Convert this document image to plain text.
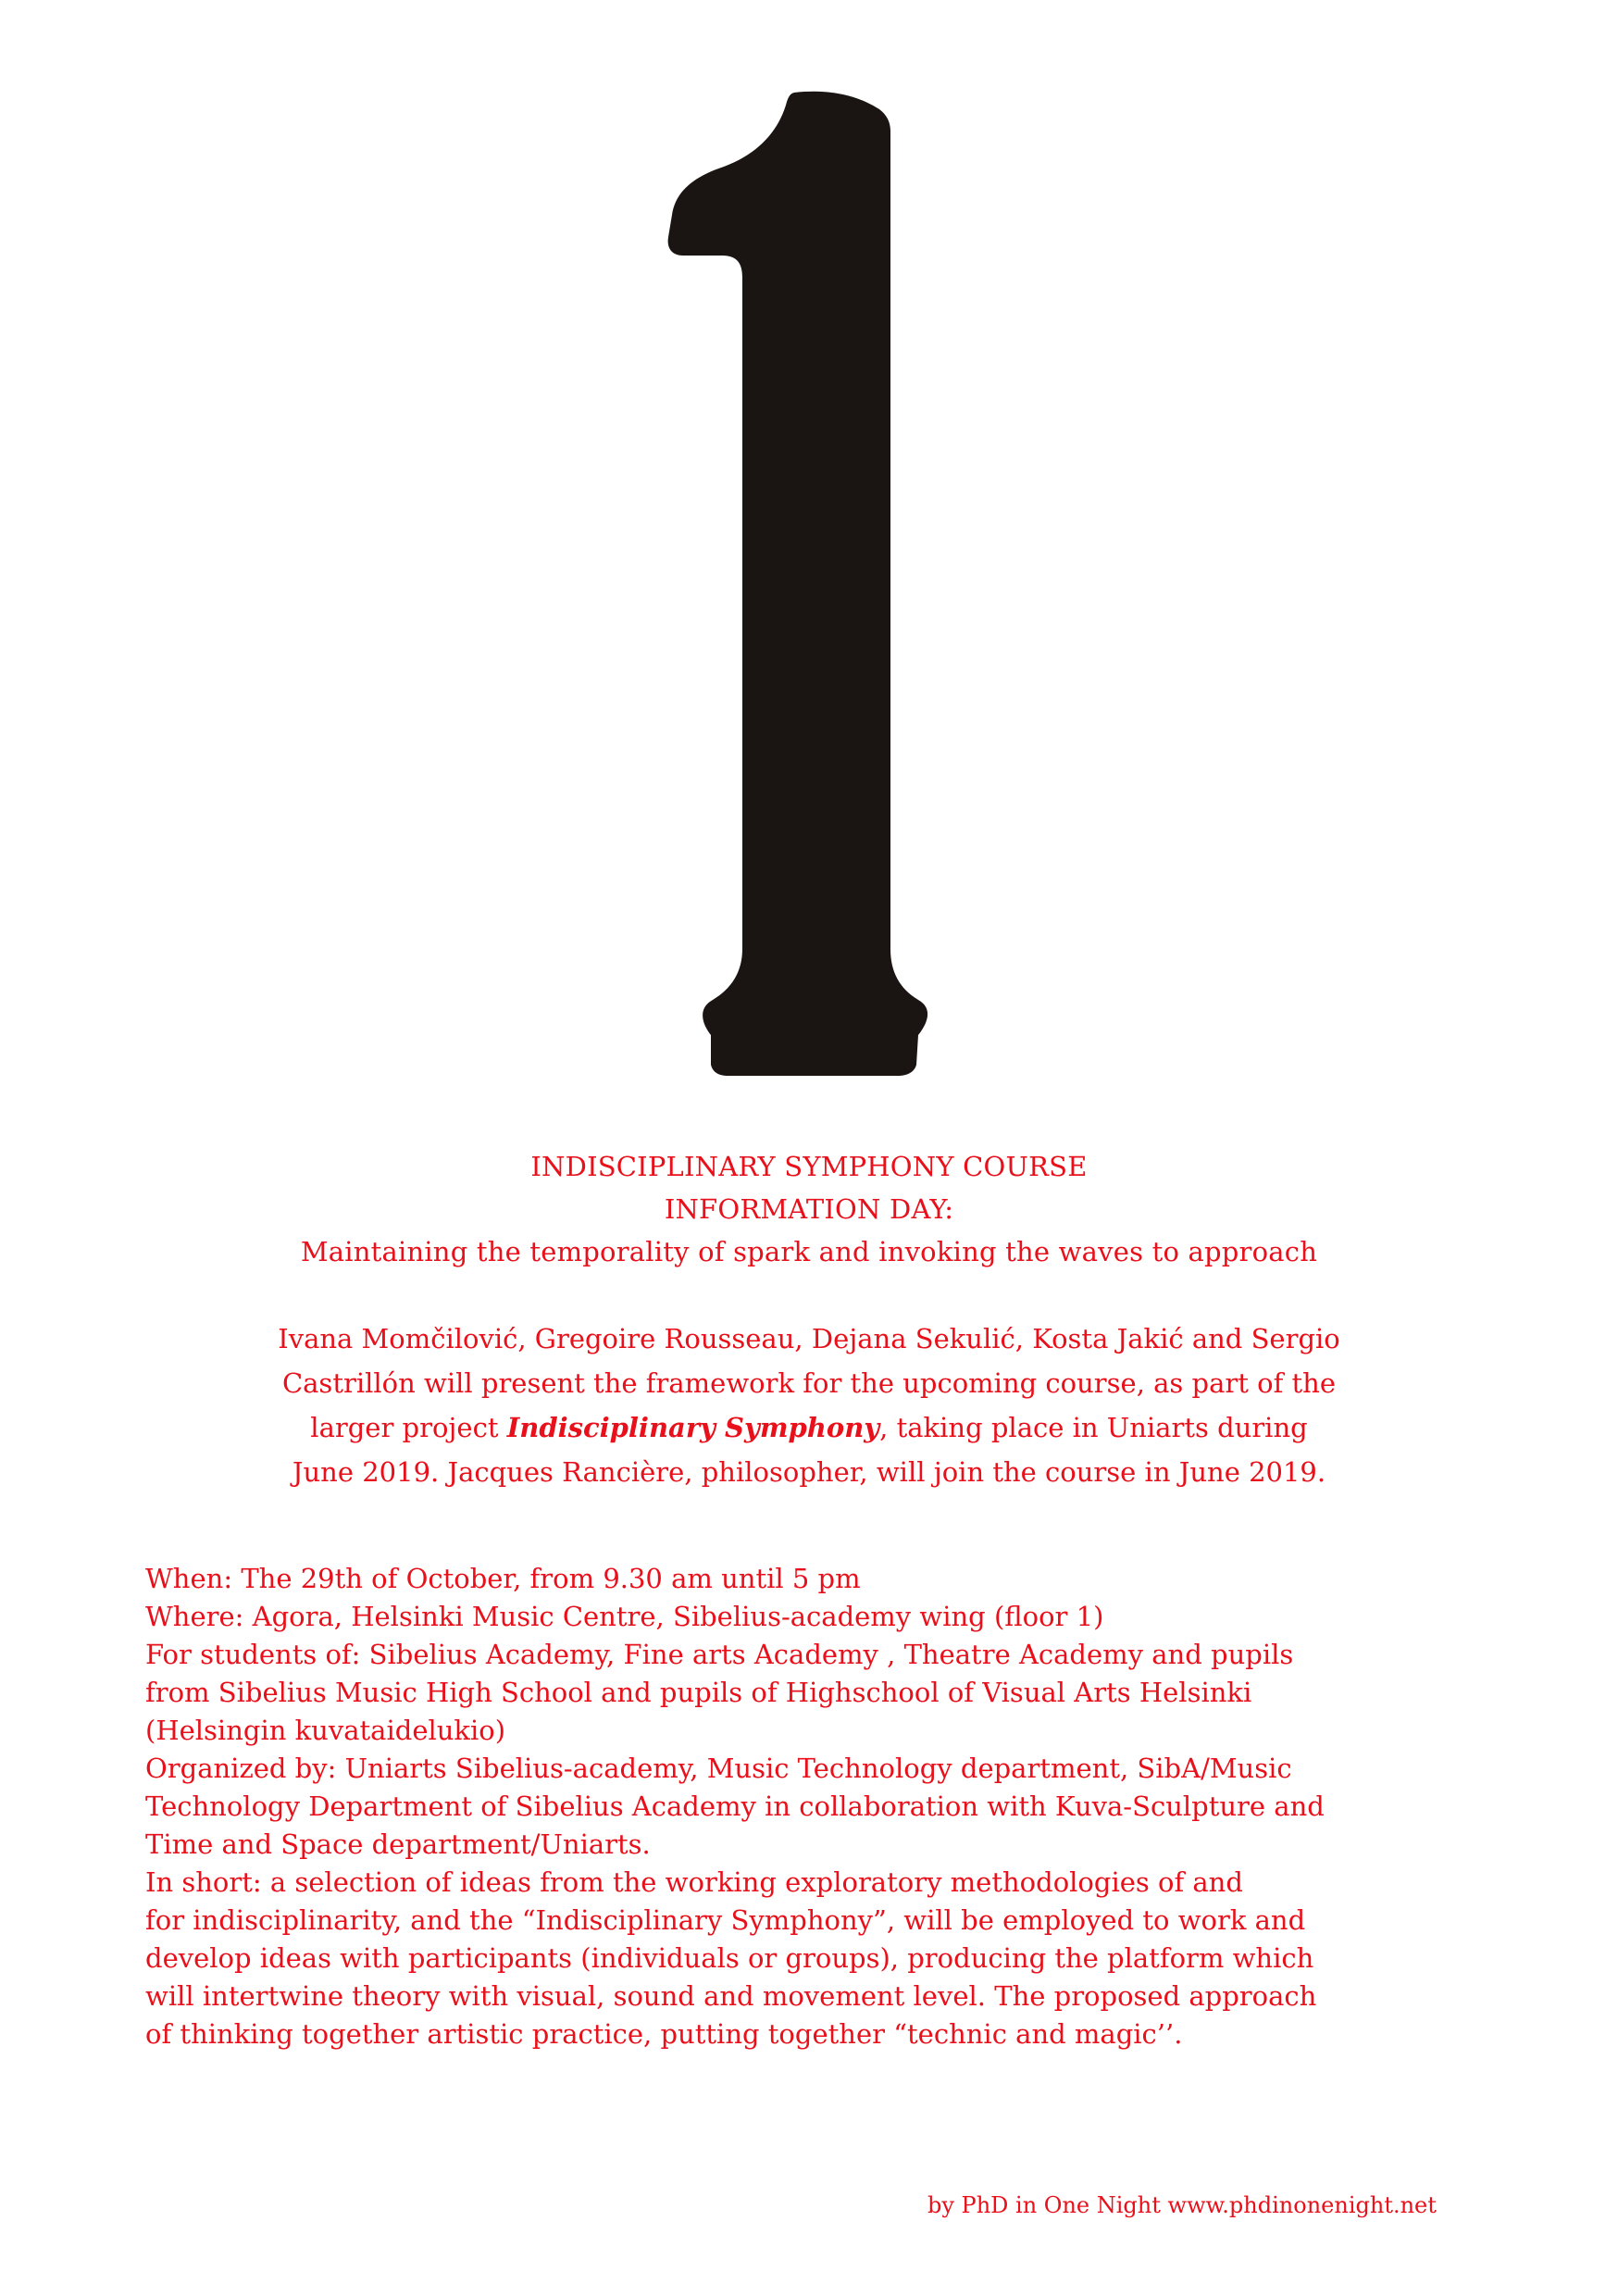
INDISCIPLINARY SYMPHONY COURSE
INFORMATION DAY:
Maintaining the temporality of spark and invoking the waves to approach
Ivana Momčilović, Gregoire Rousseau, Dejana Sekulić, Kosta Jakić and Sergio
Castrillón will present the framework for the upcoming course, as part of the
larger project Indisciplinary Symphony, taking place in Uniarts during
June 2019. Jacques Rancière, philosopher, will join the course in June 2019.
When: The 29th of October, from 9.30 am until 5 pm
Where: Agora, Helsinki Music Centre, Sibelius-academy wing (floor 1)
For students of: Sibelius Academy, Fine arts Academy , Theatre Academy and pupils
from Sibelius Music High School and pupils of Highschool of Visual Arts Helsinki
(Helsingin kuvataidelukio)
Organized by: Uniarts Sibelius-academy, Music Technology department, SibA/Music
Technology Department of Sibelius Academy in collaboration with Kuva-Sculpture and
Time and Space department/Uniarts.
In short: a selection of ideas from the working exploratory methodologies of and
for indisciplinarity, and the “Indisciplinary Symphony”, will be employed to work and
develop ideas with participants (individuals or groups), producing the platform which
will intertwine theory with visual, sound and movement level. The proposed approach
of thinking together artistic practice, putting together “technic and magic’’.
by PhD in One Night www.phdinonenight.net
